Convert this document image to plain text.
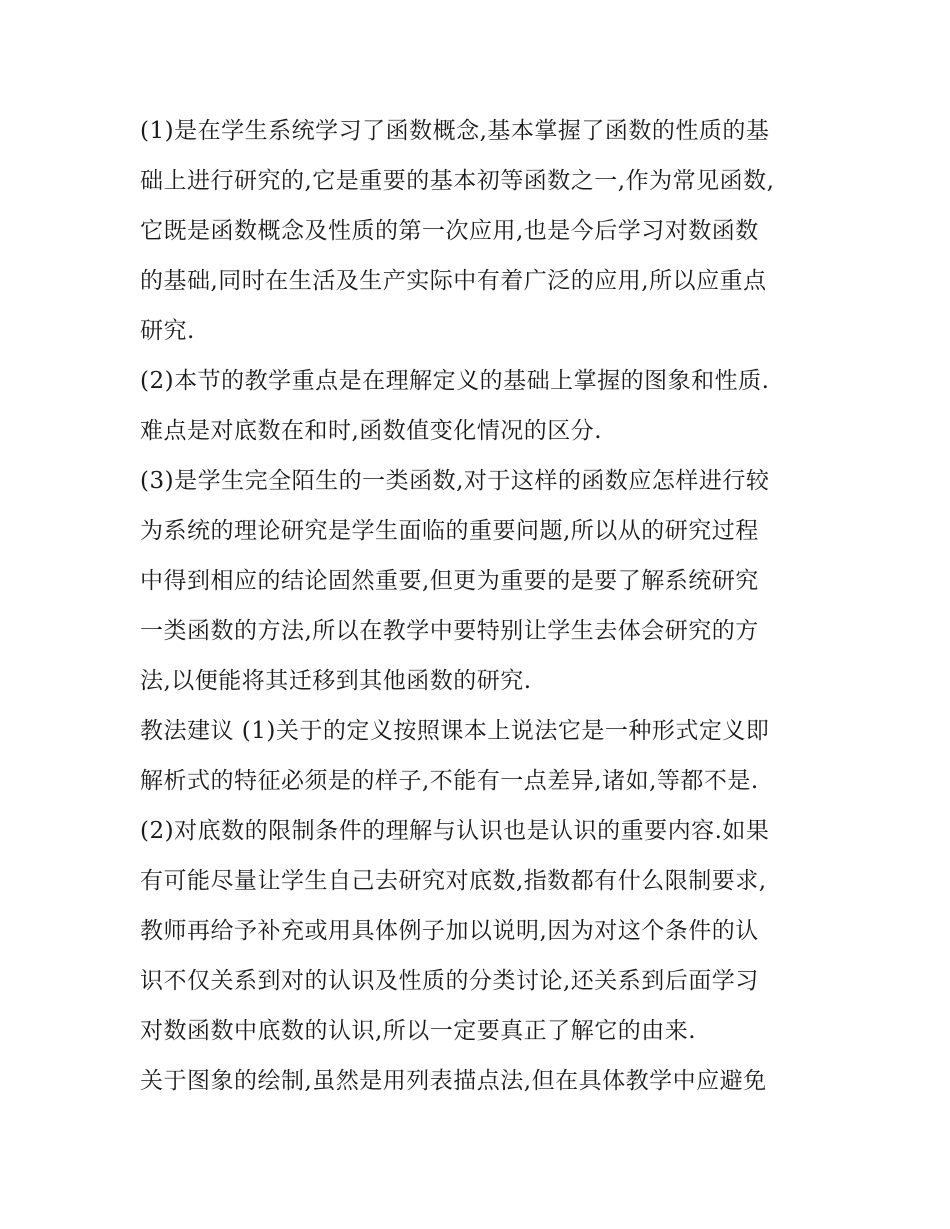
(1)是在学生系统学习了函数概念,基本掌握了函数的性质的基
础上进行研究的,它是重要的基本初等函数之一,作为常见函数,
它既是函数概念及性质的第一次应用,也是今后学习对数函数
的基础,同时在生活及生产实际中有着广泛的应用,所以应重点
研究.
(2)本节的教学重点是在理解定义的基础上掌握的图象和性质.
难点是对底数在和时,函数值变化情况的区分.
(3)是学生完全陌生的一类函数,对于这样的函数应怎样进行较
为系统的理论研究是学生面临的重要问题,所以从的研究过程
中得到相应的结论固然重要,但更为重要的是要了解系统研究
一类函数的方法,所以在教学中要特别让学生去体会研究的方
法,以便能将其迁移到其他函数的研究.
教法建议 (1)关于的定义按照课本上说法它是一种形式定义即
解析式的特征必须是的样子,不能有一点差异,诸如,等都不是.
(2)对底数的限制条件的理解与认识也是认识的重要内容.如果
有可能尽量让学生自己去研究对底数,指数都有什么限制要求,
教师再给予补充或用具体例子加以说明,因为对这个条件的认
识不仅关系到对的认识及性质的分类讨论,还关系到后面学习
对数函数中底数的认识,所以一定要真正了解它的由来.
关于图象的绘制,虽然是用列表描点法,但在具体教学中应避免
